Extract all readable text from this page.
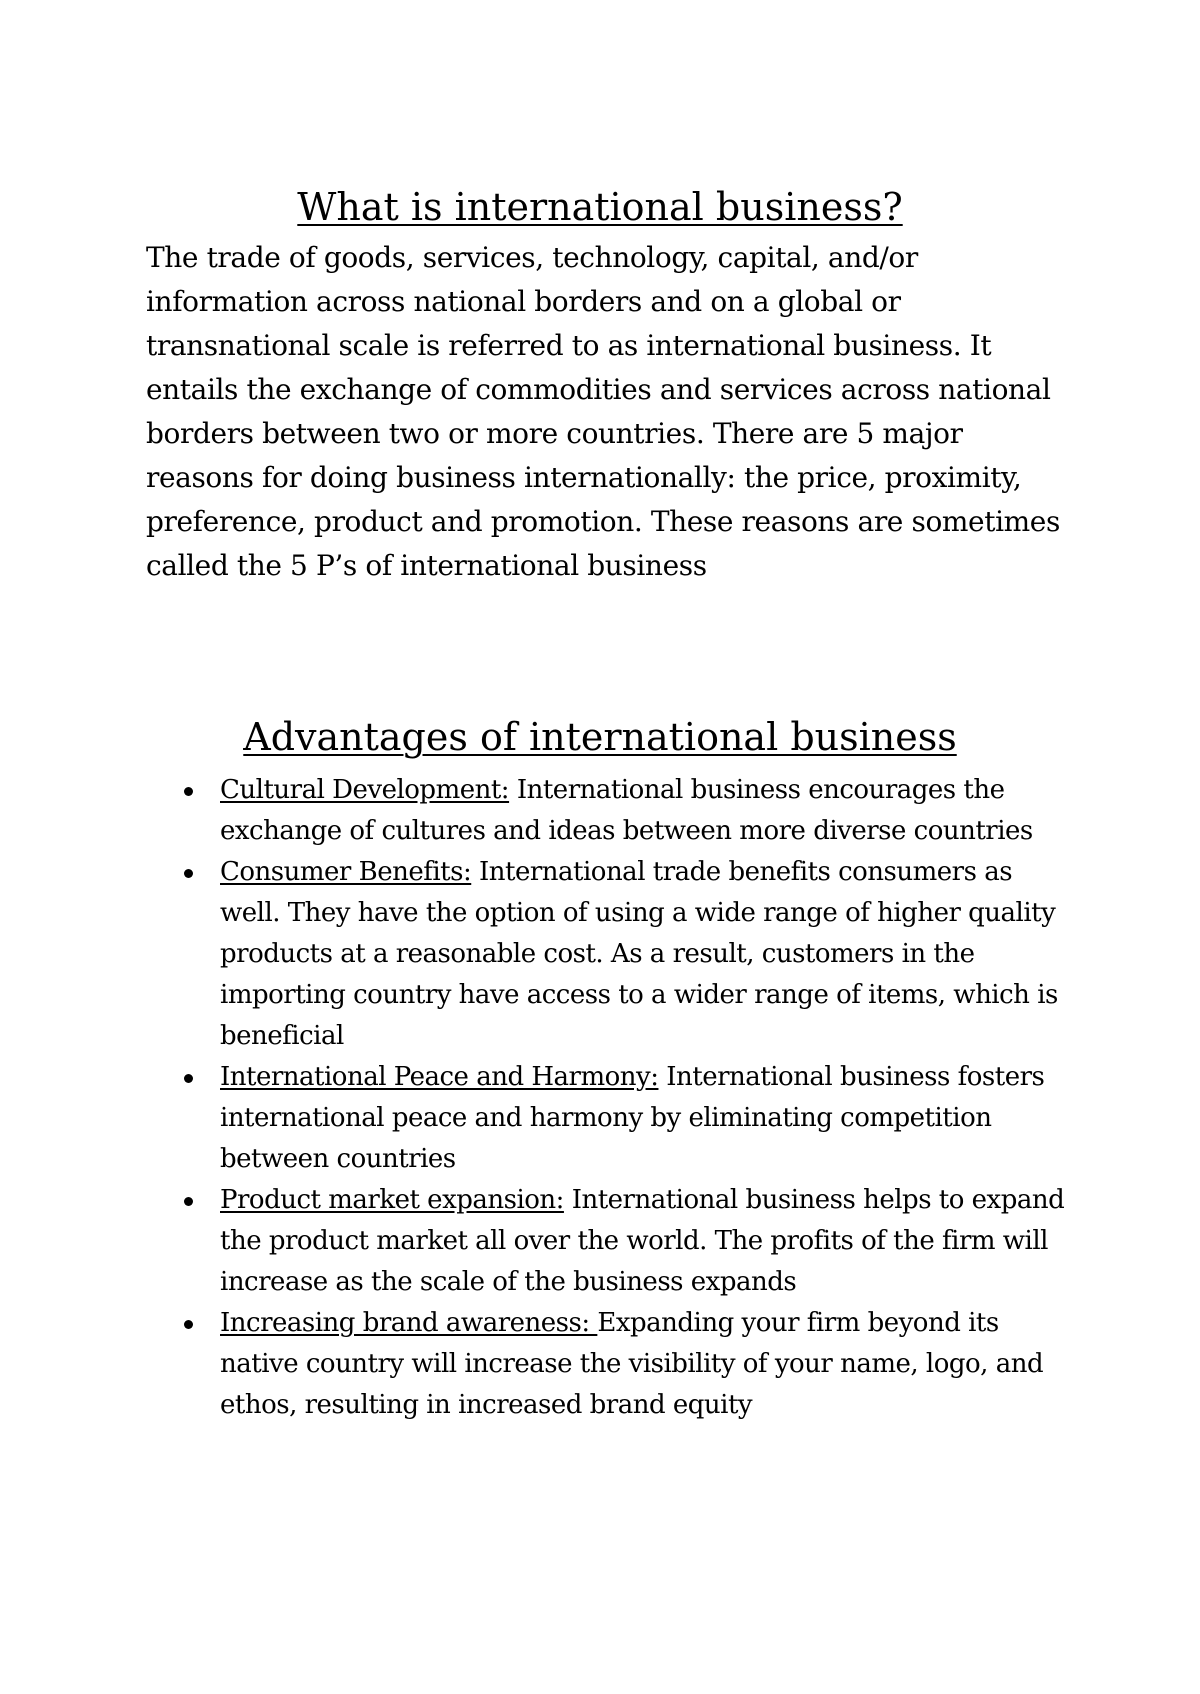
What is international business?

The trade of goods, services, technology, capital, and/or information across national borders and on a global or transnational scale is referred to as international business. It entails the exchange of commodities and services across national borders between two or more countries. There are 5 major reasons for doing business internationally: the price, proximity, preference, product and promotion. These reasons are sometimes called the 5 P’s of international business

Advantages of international business
Cultural Development: International business encourages the exchange of cultures and ideas between more diverse countries
Consumer Benefits: International trade benefits consumers as well. They have the option of using a wide range of higher quality products at a reasonable cost. As a result, customers in the importing country have access to a wider range of items, which is beneficial
International Peace and Harmony: International business fosters international peace and harmony by eliminating competition between countries
Product market expansion: International business helps to expand the product market all over the world. The profits of the firm will increase as the scale of the business expands
Increasing brand awareness: Expanding your firm beyond its native country will increase the visibility of your name, logo, and ethos, resulting in increased brand equity
